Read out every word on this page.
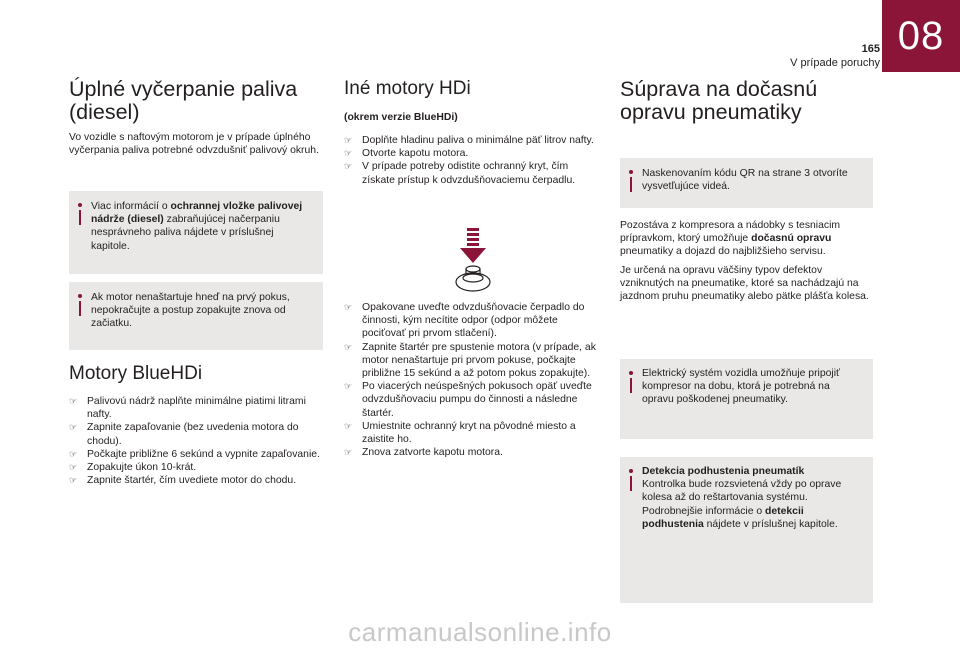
08
165
V prípade poruchy
Úplné vyčerpanie paliva
(diesel)

Vo vozidle s naftovým motorom je v prípade úplného vyčerpania paliva potrebné odvzdušniť palivový okruh.

Viac informácií o ochrannej vložke palivovej nádrže (diesel) zabraňujúcej načerpaniu nesprávneho paliva nájdete v príslušnej kapitole.

Ak motor nenaštartuje hneď na prvý pokus, nepokračujte a postup zopakujte znova od začiatku.

Motory BlueHDi
☞ Palivovú nádrž naplňte minimálne piatimi litrami nafty.
☞ Zapnite zapaľovanie (bez uvedenia motora do chodu).
☞ Počkajte približne 6 sekúnd a vypnite zapaľovanie.
☞ Zopakujte úkon 10-krát.
☞ Zapnite štartér, čím uvediete motor do chodu.
Iné motory HDi

(okrem verzie BlueHDi)

☞ Doplňte hladinu paliva o minimálne päť litrov nafty.
☞ Otvorte kapotu motora.
☞ V prípade potreby odistite ochranný kryt, čím získate prístup k odvzdušňovaciemu čerpadlu.
☞ Opakovane uveďte odvzdušňovacie čerpadlo do činnosti, kým necítite odpor (odpor môžete pociťovať pri prvom stlačení).
☞ Zapnite štartér pre spustenie motora (v prípade, ak motor nenaštartuje pri prvom pokuse, počkajte približne 15 sekúnd a až potom pokus zopakujte).
☞ Po viacerých neúspešných pokusoch opäť uveďte odvzdušňovaciu pumpu do činnosti a následne štartér.
☞ Umiestnite ochranný kryt na pôvodné miesto a zaistite ho.
☞ Znova zatvorte kapotu motora.
Súprava na dočasnú
opravu pneumatiky

Naskenovaním kódu QR na strane 3 otvoríte vysvetľujúce videá.

Pozostáva z kompresora a nádobky s tesniacim prípravkom, ktorý umožňuje dočasnú opravu pneumatiky a dojazd do najbližšieho servisu.

Je určená na opravu väčšiny typov defektov vzniknutých na pneumatike, ktoré sa nachádzajú na jazdnom pruhu pneumatiky alebo pätke plášťa kolesa.

Elektrický systém vozidla umožňuje pripojiť kompresor na dobu, ktorá je potrebná na opravu poškodenej pneumatiky.

Detekcia podhustenia pneumatík

Kontrolka bude rozsvietená vždy po oprave kolesa až do reštartovania systému.

Podrobnejšie informácie o detekcii podhustenia nájdete v príslušnej kapitole.

carmanualsonline.info
